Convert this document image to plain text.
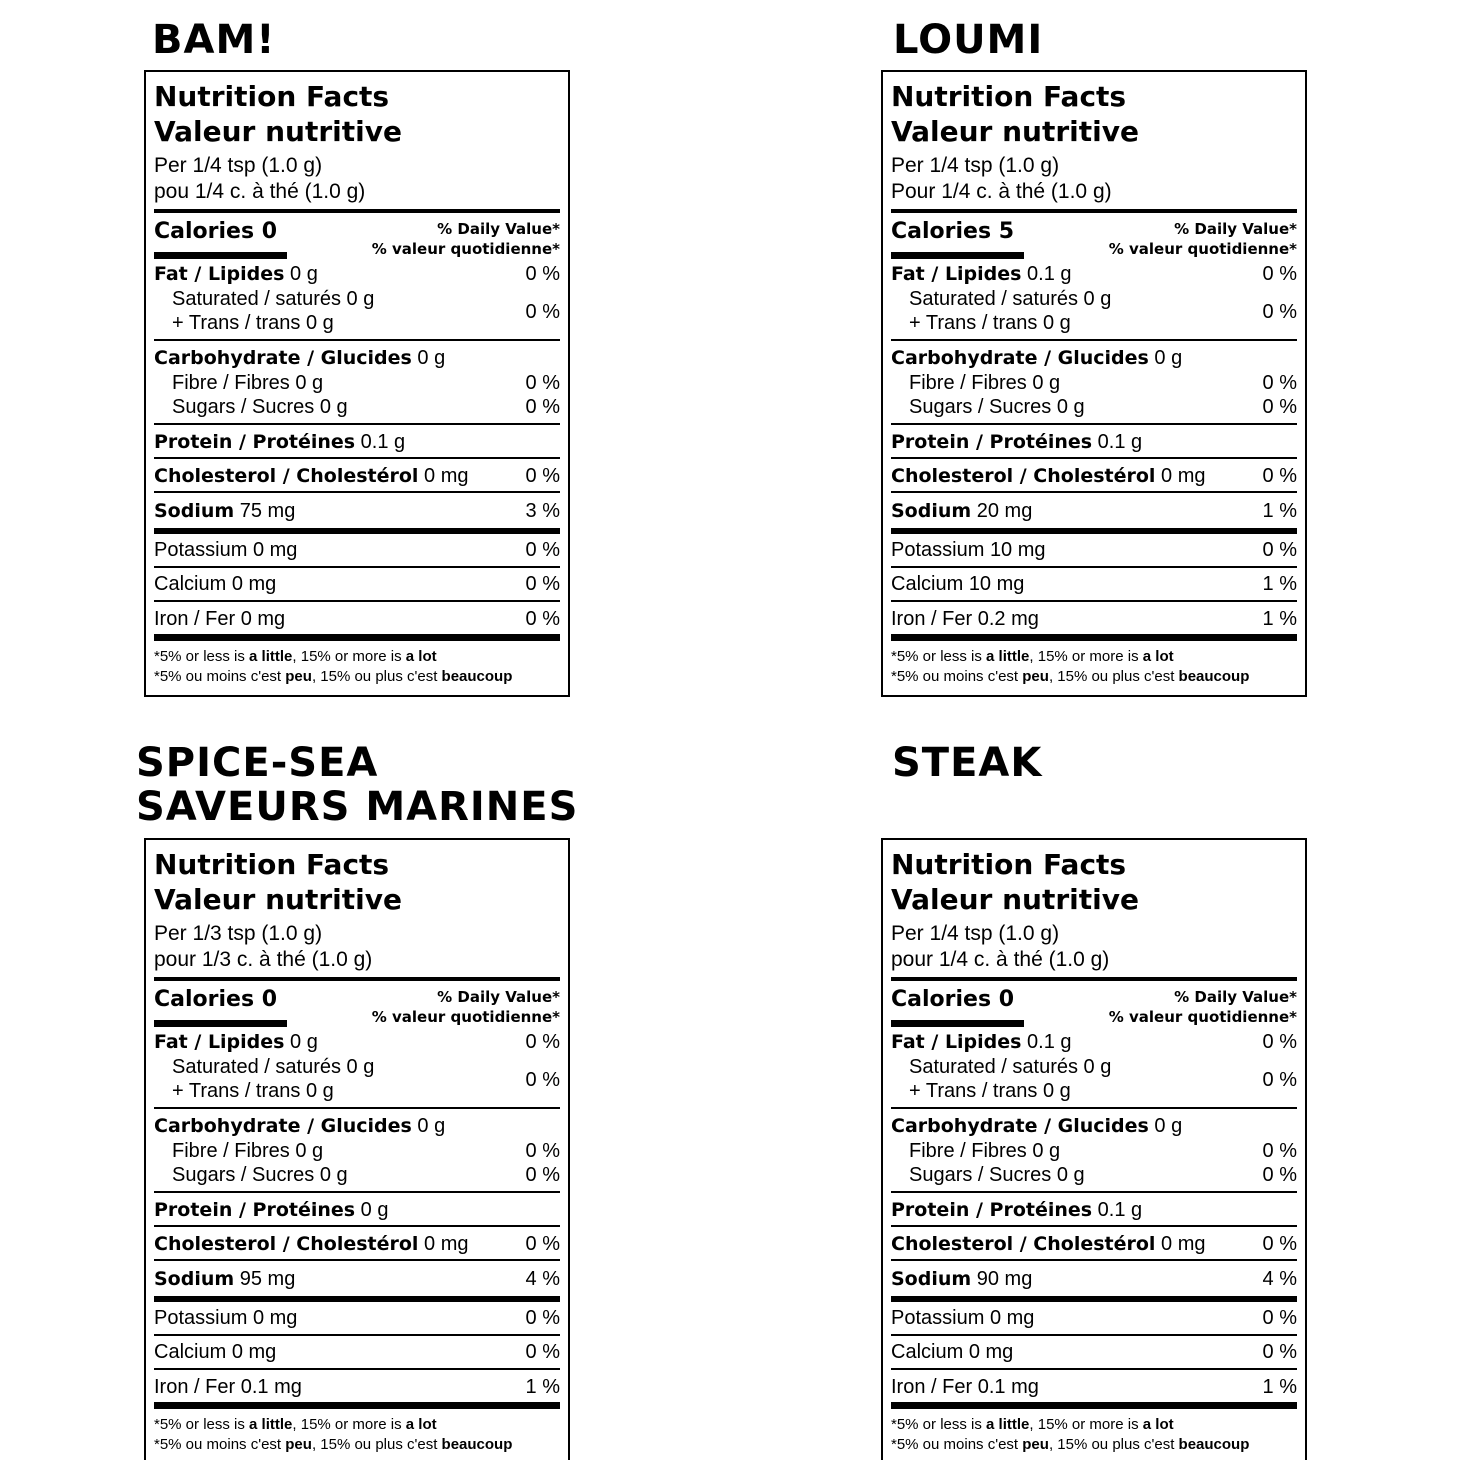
BAM!
Nutrition Facts
Valeur nutritive
Per 1/4 tsp (1.0 g)
pou 1/4 c. à thé (1.0 g)
Calories 0	% Daily Value*
% valeur quotidienne*
Fat / Lipides 0 g	0 %
Saturated / saturés 0 g
+ Trans / trans 0 g	0 %
Carbohydrate / Glucides 0 g
Fibre / Fibres 0 g	0 %
Sugars / Sucres 0 g	0 %
Protein / Protéines 0.1 g
Cholesterol / Cholestérol 0 mg	0 %
Sodium 75 mg	3 %
Potassium 0 mg	0 %
Calcium 0 mg	0 %
Iron / Fer 0 mg	0 %
*5% or less is a little, 15% or more is a lot
*5% ou moins c'est peu, 15% ou plus c'est beaucoup
LOUMI
Nutrition Facts
Valeur nutritive
Per 1/4 tsp (1.0 g)
Pour 1/4 c. à thé (1.0 g)
Calories 5	% Daily Value*
% valeur quotidienne*
Fat / Lipides 0.1 g	0 %
Saturated / saturés 0 g
+ Trans / trans 0 g	0 %
Carbohydrate / Glucides 0 g
Fibre / Fibres 0 g	0 %
Sugars / Sucres 0 g	0 %
Protein / Protéines 0.1 g
Cholesterol / Cholestérol 0 mg	0 %
Sodium 20 mg	1 %
Potassium 10 mg	0 %
Calcium 10 mg	1 %
Iron / Fer 0.2 mg	1 %
*5% or less is a little, 15% or more is a lot
*5% ou moins c'est peu, 15% ou plus c'est beaucoup
SPICE-SEA
SAVEURS MARINES
Nutrition Facts
Valeur nutritive
Per 1/3 tsp (1.0 g)
pour 1/3 c. à thé (1.0 g)
Calories 0	% Daily Value*
% valeur quotidienne*
Fat / Lipides 0 g	0 %
Saturated / saturés 0 g
+ Trans / trans 0 g	0 %
Carbohydrate / Glucides 0 g
Fibre / Fibres 0 g	0 %
Sugars / Sucres 0 g	0 %
Protein / Protéines 0 g
Cholesterol / Cholestérol 0 mg	0 %
Sodium 95 mg	4 %
Potassium 0 mg	0 %
Calcium 0 mg	0 %
Iron / Fer 0.1 mg	1 %
*5% or less is a little, 15% or more is a lot
*5% ou moins c'est peu, 15% ou plus c'est beaucoup
STEAK
Nutrition Facts
Valeur nutritive
Per 1/4 tsp (1.0 g)
pour 1/4 c. à thé (1.0 g)
Calories 0	% Daily Value*
% valeur quotidienne*
Fat / Lipides 0.1 g	0 %
Saturated / saturés 0 g
+ Trans / trans 0 g	0 %
Carbohydrate / Glucides 0 g
Fibre / Fibres 0 g	0 %
Sugars / Sucres 0 g	0 %
Protein / Protéines 0.1 g
Cholesterol / Cholestérol 0 mg	0 %
Sodium 90 mg	4 %
Potassium 0 mg	0 %
Calcium 0 mg	0 %
Iron / Fer 0.1 mg	1 %
*5% or less is a little, 15% or more is a lot
*5% ou moins c'est peu, 15% ou plus c'est beaucoup
